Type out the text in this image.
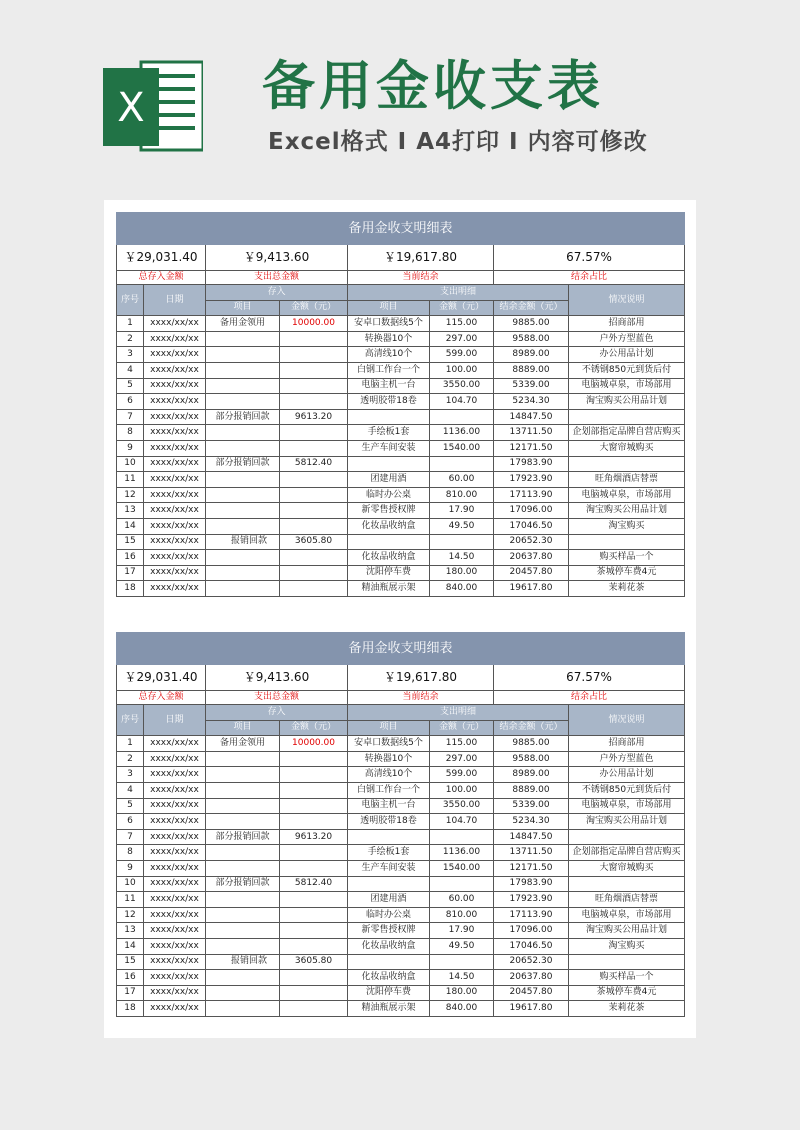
X 备用金收支表
Excel格式 I A4打印 I 内容可修改
备用金收支明细表							
￥29,031.40		￥9,413.60		￥19,617.80		67.57%	
总存入金额		支出总金额		当前结余		结余占比	
序号	日期	存入		支出明细			情况说明
		项目	金额（元）	项目	金额（元）	结余金额（元）	
1	xxxx/xx/xx	备用金领用	10000.00	安卓口数据线5个	115.00	9885.00	招商部用
2	xxxx/xx/xx			转换器10个	297.00	9588.00	户外方型蓝色
3	xxxx/xx/xx			高清线10个	599.00	8989.00	办公用品计划
4	xxxx/xx/xx			白钢工作台一个	100.00	8889.00	不锈钢850元到货后付
5	xxxx/xx/xx			电脑主机一台	3550.00	5339.00	电脑城卓泉，市场部用
6	xxxx/xx/xx			透明胶带18卷	104.70	5234.30	淘宝购买公用品计划
7	xxxx/xx/xx	部分报销回款	9613.20			14847.50	
8	xxxx/xx/xx			手绘板1套	1136.00	13711.50	企划部指定品牌自营店购买
9	xxxx/xx/xx			生产车间安装	1540.00	12171.50	大窗帘城购买
10	xxxx/xx/xx	部分报销回款	5812.40			17983.90	
11	xxxx/xx/xx			团建用酒	60.00	17923.90	旺角烟酒店替票
12	xxxx/xx/xx			临时办公桌	810.00	17113.90	电脑城卓泉，市场部用
13	xxxx/xx/xx			新零售授权牌	17.90	17096.00	淘宝购买公用品计划
14	xxxx/xx/xx			化妆品收纳盒	49.50	17046.50	淘宝购买
15	xxxx/xx/xx	报销回款	3605.80			20652.30	
16	xxxx/xx/xx			化妆品收纳盒	14.50	20637.80	购买样品一个
17	xxxx/xx/xx			沈阳停车费	180.00	20457.80	茶城停车费4元
18	xxxx/xx/xx			精油瓶展示架	840.00	19617.80	茉莉花茶
备用金收支明细表							
￥29,031.40		￥9,413.60		￥19,617.80		67.57%	
总存入金额		支出总金额		当前结余		结余占比	
序号	日期	存入		支出明细			情况说明
		项目	金额（元）	项目	金额（元）	结余金额（元）	
1	xxxx/xx/xx	备用金领用	10000.00	安卓口数据线5个	115.00	9885.00	招商部用
2	xxxx/xx/xx			转换器10个	297.00	9588.00	户外方型蓝色
3	xxxx/xx/xx			高清线10个	599.00	8989.00	办公用品计划
4	xxxx/xx/xx			白钢工作台一个	100.00	8889.00	不锈钢850元到货后付
5	xxxx/xx/xx			电脑主机一台	3550.00	5339.00	电脑城卓泉，市场部用
6	xxxx/xx/xx			透明胶带18卷	104.70	5234.30	淘宝购买公用品计划
7	xxxx/xx/xx	部分报销回款	9613.20			14847.50	
8	xxxx/xx/xx			手绘板1套	1136.00	13711.50	企划部指定品牌自营店购买
9	xxxx/xx/xx			生产车间安装	1540.00	12171.50	大窗帘城购买
10	xxxx/xx/xx	部分报销回款	5812.40			17983.90	
11	xxxx/xx/xx			团建用酒	60.00	17923.90	旺角烟酒店替票
12	xxxx/xx/xx			临时办公桌	810.00	17113.90	电脑城卓泉，市场部用
13	xxxx/xx/xx			新零售授权牌	17.90	17096.00	淘宝购买公用品计划
14	xxxx/xx/xx			化妆品收纳盒	49.50	17046.50	淘宝购买
15	xxxx/xx/xx	报销回款	3605.80			20652.30	
16	xxxx/xx/xx			化妆品收纳盒	14.50	20637.80	购买样品一个
17	xxxx/xx/xx			沈阳停车费	180.00	20457.80	茶城停车费4元
18	xxxx/xx/xx			精油瓶展示架	840.00	19617.80	茉莉花茶
